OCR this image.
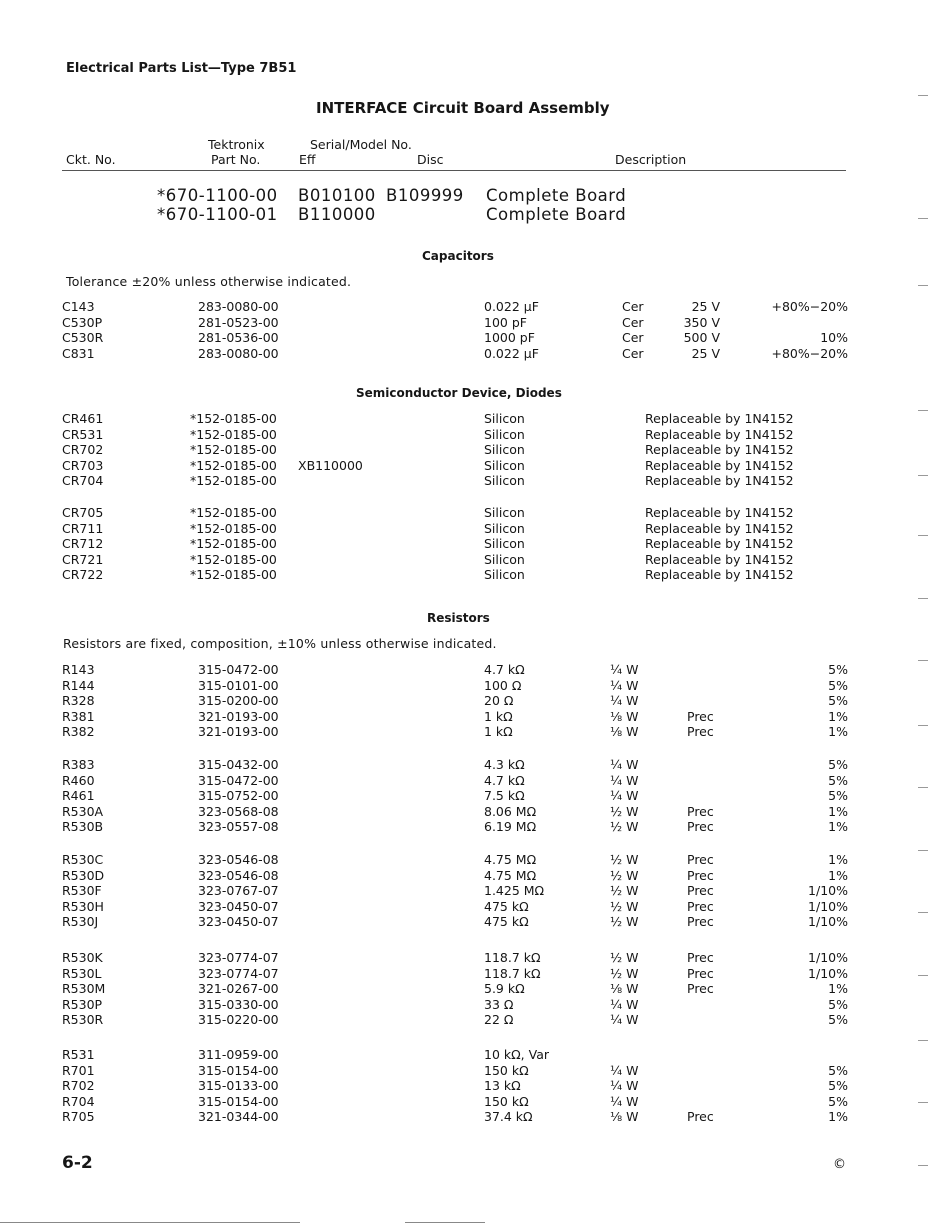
Electrical Parts List—Type 7B51
INTERFACE Circuit Board Assembly
Tektronix	Serial/Model No.
Ckt. No.	Part No.	Eff	Disc	Description
*670-1100-00 B010100 B109999 Complete Board
*670-1100-01 B110000	Complete Board
Capacitors
Tolerance ±20% unless otherwise indicated.
C143	283-0080-00	0.022 μF	Cer	25 V	+80%−20%
C530P	281-0523-00	100 pF	Cer	350 V
C530R	281-0536-00	1000 pF	Cer	500 V	10%
C831	283-0080-00	0.022 μF	Cer	25 V	+80%−20%
Semiconductor Device, Diodes
CR461	*152-0185-00	Silicon	Replaceable by 1N4152
CR531	*152-0185-00	Silicon	Replaceable by 1N4152
CR702	*152-0185-00	Silicon	Replaceable by 1N4152
CR703	*152-0185-00 XB110000	Silicon	Replaceable by 1N4152
CR704	*152-0185-00	Silicon	Replaceable by 1N4152
CR705	*152-0185-00	Silicon	Replaceable by 1N4152
CR711	*152-0185-00	Silicon	Replaceable by 1N4152
CR712	*152-0185-00	Silicon	Replaceable by 1N4152
CR721	*152-0185-00	Silicon	Replaceable by 1N4152
CR722	*152-0185-00	Silicon	Replaceable by 1N4152
Resistors
Resistors are fixed, composition, ±10% unless otherwise indicated.
R143	315-0472-00	4.7 kΩ	¼ W	5%
R144	315-0101-00	100 Ω	¼ W	5%
R328	315-0200-00	20 Ω	¼ W	5%
R381	321-0193-00	1 kΩ	⅛ W	Prec	1%
R382	321-0193-00	1 kΩ	⅛ W	Prec	1%
R383	315-0432-00	4.3 kΩ	¼ W	5%
R460	315-0472-00	4.7 kΩ	¼ W	5%
R461	315-0752-00	7.5 kΩ	¼ W	5%
R530A	323-0568-08	8.06 MΩ	½ W	Prec	1%
R530B	323-0557-08	6.19 MΩ	½ W	Prec	1%
R530C	323-0546-08	4.75 MΩ	½ W	Prec	1%
R530D	323-0546-08	4.75 MΩ	½ W	Prec	1%
R530F	323-0767-07	1.425 MΩ	½ W	Prec	1/10%
R530H	323-0450-07	475 kΩ	½ W	Prec	1/10%
R530J	323-0450-07	475 kΩ	½ W	Prec	1/10%
R530K	323-0774-07	118.7 kΩ	½ W	Prec	1/10%
R530L	323-0774-07	118.7 kΩ	½ W	Prec	1/10%
R530M	321-0267-00	5.9 kΩ	⅛ W	Prec	1%
R530P	315-0330-00	33 Ω	¼ W	5%
R530R	315-0220-00	22 Ω	¼ W	5%
R531	311-0959-00	10 kΩ, Var
R701	315-0154-00	150 kΩ	¼ W	5%
R702	315-0133-00	13 kΩ	¼ W	5%
R704	315-0154-00	150 kΩ	¼ W	5%
R705	321-0344-00	37.4 kΩ	⅛ W	Prec	1%
6-2	©
